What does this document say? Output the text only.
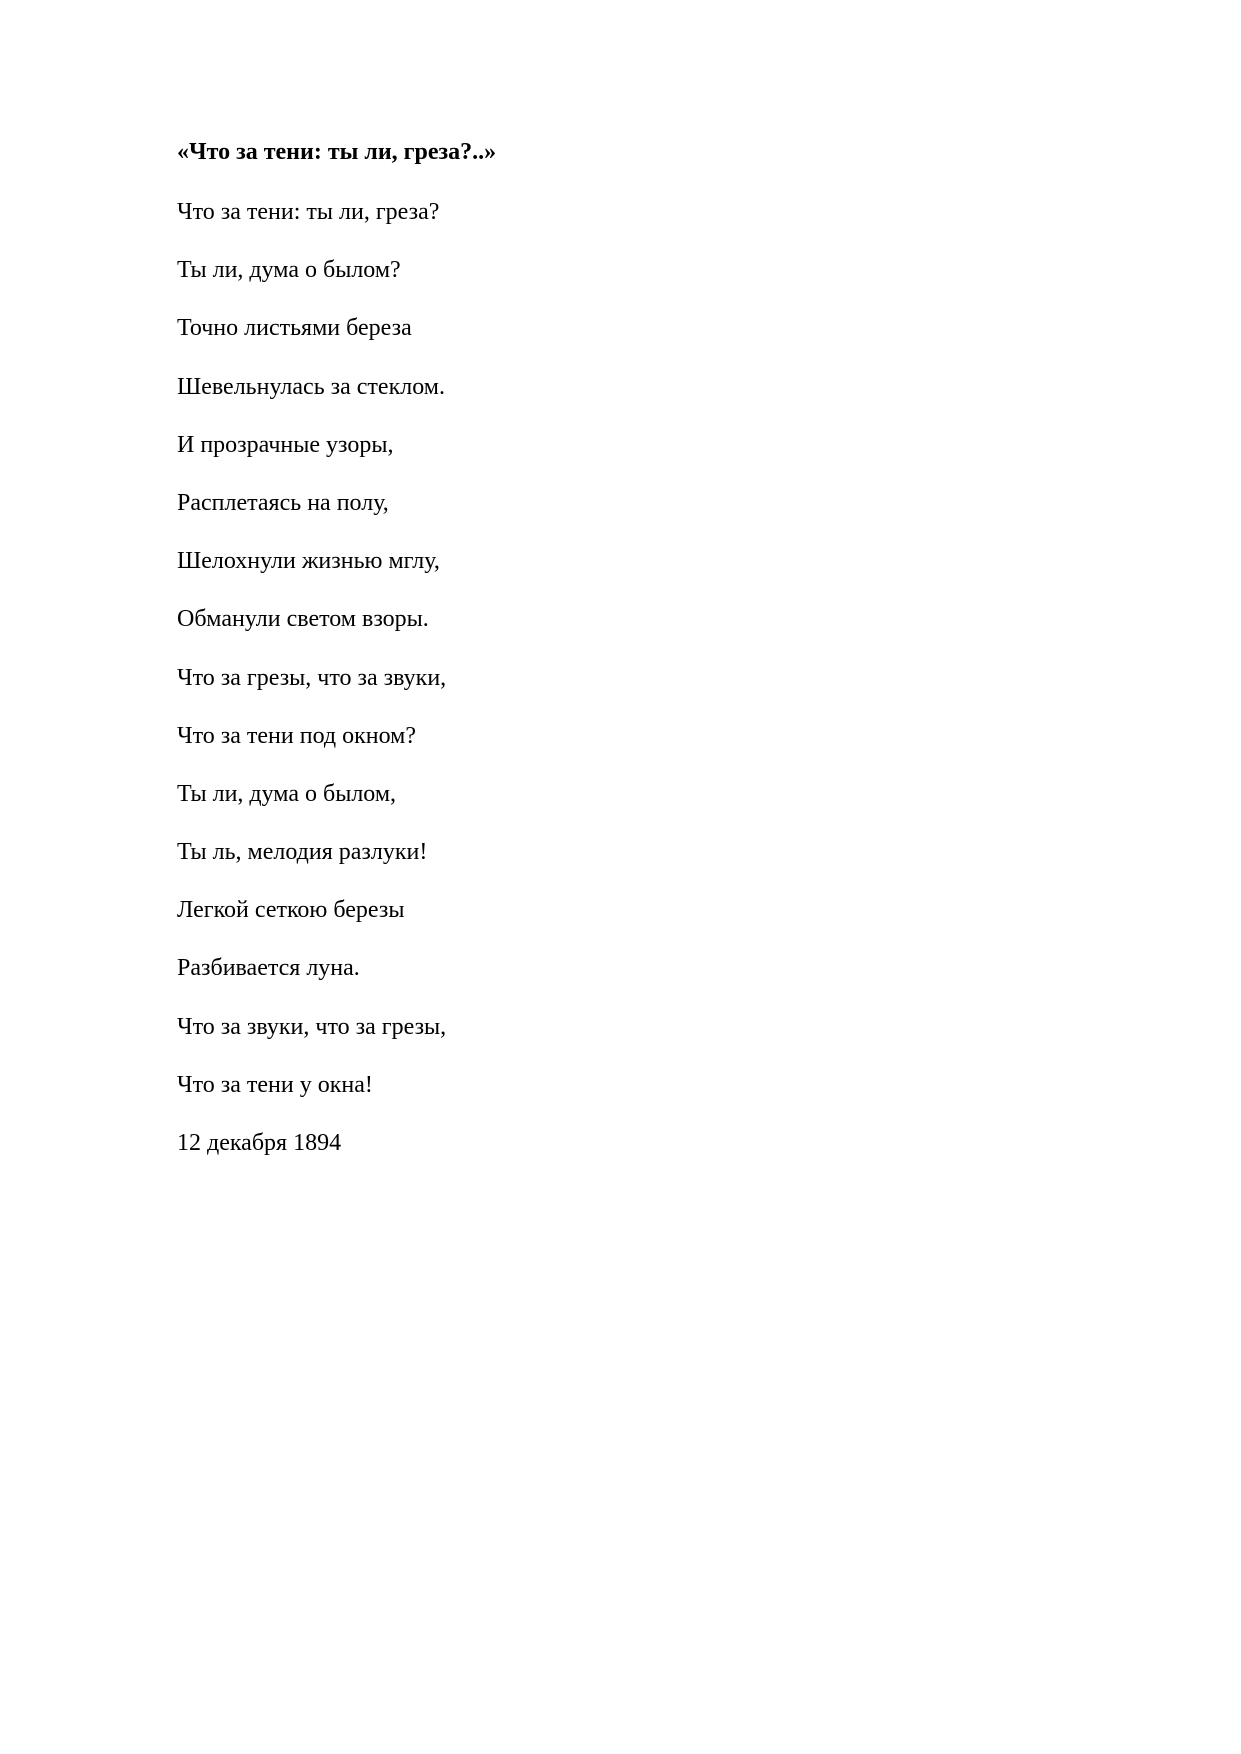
«Что за тени: ты ли, греза?..»

Что за тени: ты ли, греза?

Ты ли, дума о былом?

Точно листьями береза

Шевельнулась за стеклом.

И прозрачные узоры,

Расплетаясь на полу,

Шелохнули жизнью мглу,

Обманули светом взоры.

Что за грезы, что за звуки,

Что за тени под окном?

Ты ли, дума о былом,

Ты ль, мелодия разлуки!

Легкой сеткою березы

Разбивается луна.

Что за звуки, что за грезы,

Что за тени у окна!

12 декабря 1894
